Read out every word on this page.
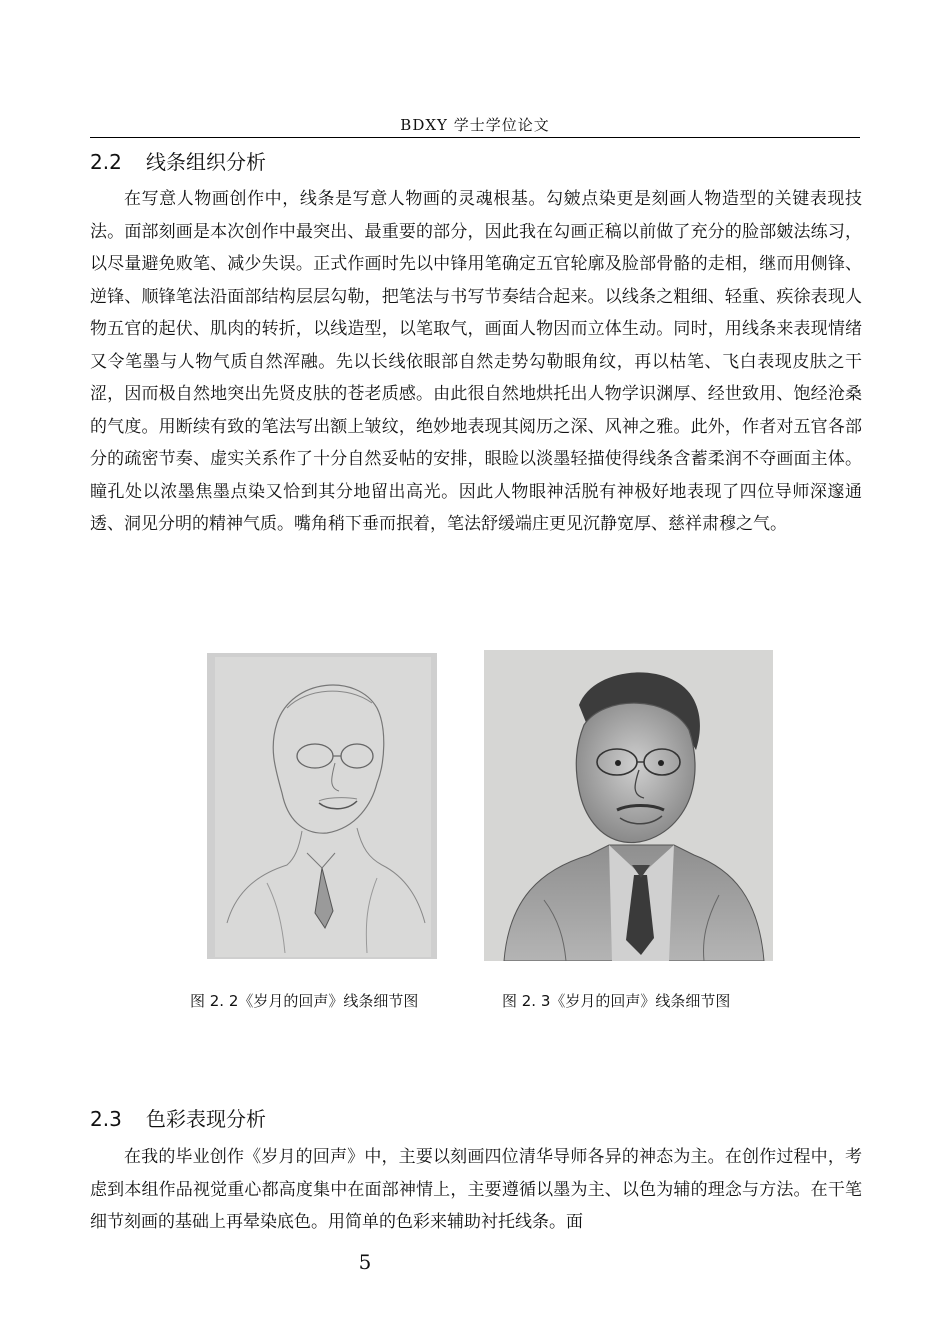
BDXY 学士学位论文
2.2 线条组织分析

在写意人物画创作中，线条是写意人物画的灵魂根基。勾皴点染更是刻画人物造型的关键表现技法。面部刻画是本次创作中最突出、最重要的部分，因此我在勾画正稿以前做了充分的脸部皴法练习，以尽量避免败笔、减少失误。正式作画时先以中锋用笔确定五官轮廓及脸部骨骼的走相，继而用侧锋、逆锋、顺锋笔法沿面部结构层层勾勒，把笔法与书写节奏结合起来。以线条之粗细、轻重、疾徐表现人物五官的起伏、肌肉的转折，以线造型，以笔取气，画面人物因而立体生动。同时，用线条来表现情绪又令笔墨与人物气质自然浑融。先以长线依眼部自然走势勾勒眼角纹，再以枯笔、飞白表现皮肤之干涩，因而极自然地突出先贤皮肤的苍老质感。由此很自然地烘托出人物学识渊厚、经世致用、饱经沧桑的气度。用断续有致的笔法写出额上皱纹，绝妙地表现其阅历之深、风神之雅。此外，作者对五官各部分的疏密节奏、虚实关系作了十分自然妥帖的安排，眼睑以淡墨轻描使得线条含蓄柔润不夺画面主体。瞳孔处以浓墨焦墨点染又恰到其分地留出高光。因此人物眼神活脱有神极好地表现了四位导师深邃通透、洞见分明的精神气质。嘴角稍下垂而抿着，笔法舒缓端庄更见沉静宽厚、慈祥肃穆之气。

图 2. 2《岁月的回声》线条细节图	图 2. 3《岁月的回声》线条细节图
2.3 色彩表现分析

在我的毕业创作《岁月的回声》中，主要以刻画四位清华导师各异的神态为主。在创作过程中，考虑到本组作品视觉重心都高度集中在面部神情上，主要遵循以墨为主、以色为辅的理念与方法。在干笔细节刻画的基础上再晕染底色。用简单的色彩来辅助衬托线条。面

5
